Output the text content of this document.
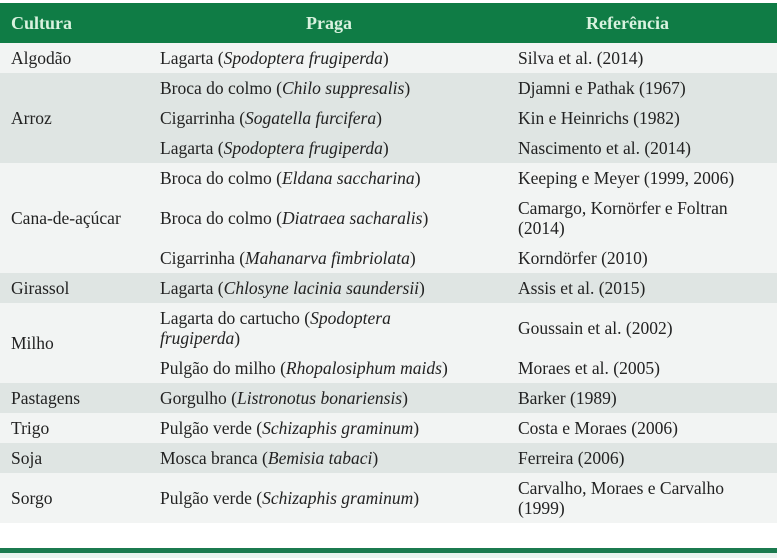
Cultura	Praga	Referência
Algodão	Lagarta (Spodoptera frugiperda)	Silva et al. (2014)
Arroz	Broca do colmo (Chilo suppresalis)	Djamni e Pathak (1967)
	Cigarrinha (Sogatella furcifera)	Kin e Heinrichs (1982)
	Lagarta (Spodoptera frugiperda)	Nascimento et al. (2014)
Cana-de-açúcar	Broca do colmo (Eldana saccharina)	Keeping e Meyer (1999, 2006)
	Broca do colmo (Diatraea sacharalis)	Camargo, Kornörfer e Foltran (2014)
	Cigarrinha (Mahanarva fimbriolata)	Korndörfer (2010)
Girassol	Lagarta (Chlosyne lacinia saundersii)	Assis et al. (2015)
Milho	Lagarta do cartucho (Spodoptera frugiperda)	Goussain et al. (2002)
	Pulgão do milho (Rhopalosiphum maids)	Moraes et al. (2005)
Pastagens	Gorgulho (Listronotus bonariensis)	Barker (1989)
Trigo	Pulgão verde (Schizaphis graminum)	Costa e Moraes (2006)
Soja	Mosca branca (Bemisia tabaci)	Ferreira (2006)
Sorgo	Pulgão verde (Schizaphis graminum)	Carvalho, Moraes e Carvalho (1999)
